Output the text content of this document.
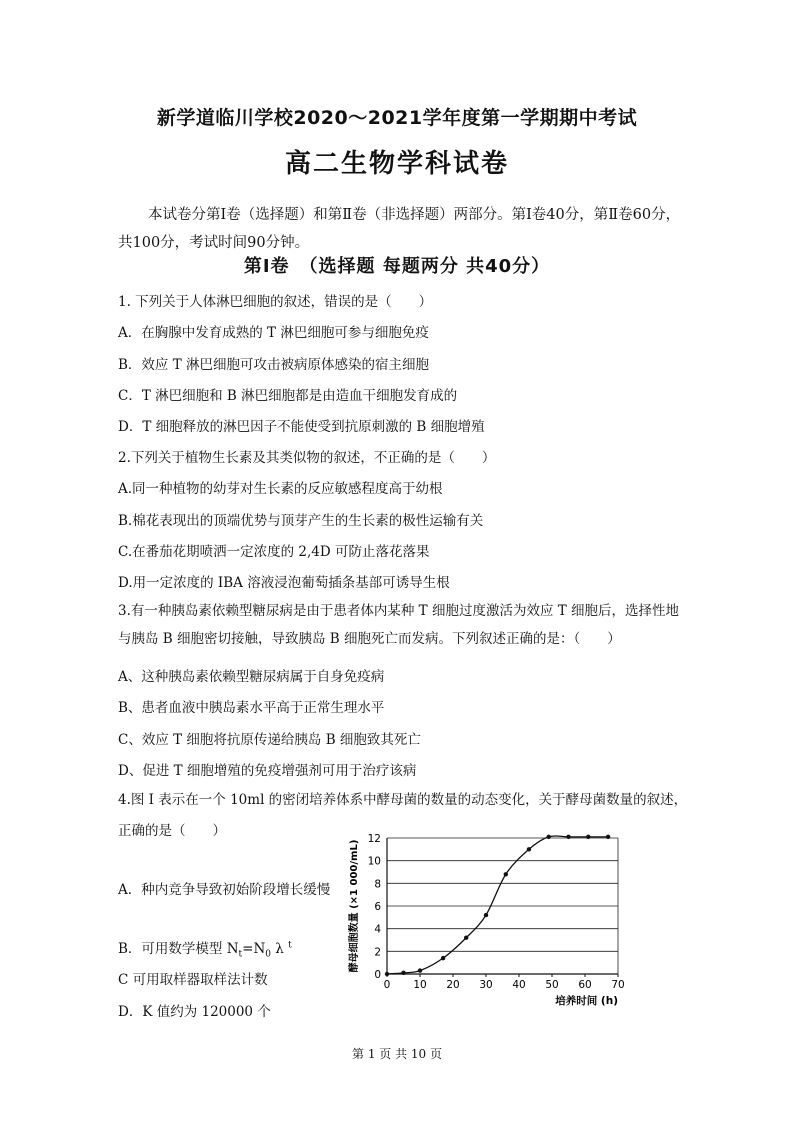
新学道临川学校2020～2021学年度第一学期期中考试
高二生物学科试卷
本试卷分第Ⅰ卷（选择题）和第Ⅱ卷（非选择题）两部分。第Ⅰ卷40分，第Ⅱ卷60分，共100分，考试时间90分钟。
第Ⅰ卷　（选择题 每题两分 共40分）
1. 下列关于人体淋巴细胞的叙述，错误的是（　　）
A．在胸腺中发育成熟的 T 淋巴细胞可参与细胞免疫
B．效应 T 淋巴细胞可攻击被病原体感染的宿主细胞
C．T 淋巴细胞和 B 淋巴细胞都是由造血干细胞发育成的
D．T 细胞释放的淋巴因子不能使受到抗原刺激的 B 细胞增殖
2.下列关于植物生长素及其类似物的叙述，不正确的是（　　）
A.同一种植物的幼芽对生长素的反应敏感程度高于幼根
B.棉花表现出的顶端优势与顶芽产生的生长素的极性运输有关
C.在番茄花期喷洒一定浓度的 2,4D 可防止落花落果
D.用一定浓度的 IBA 溶液浸泡葡萄插条基部可诱导生根
3.有一种胰岛素依赖型糖尿病是由于患者体内某种 T 细胞过度激活为效应 T 细胞后，选择性地与胰岛 B 细胞密切接触，导致胰岛 B 细胞死亡而发病。下列叙述正确的是：（　　）
A、这种胰岛素依赖型糖尿病属于自身免疫病
B、患者血液中胰岛素水平高于正常生理水平
C、效应 T 细胞将抗原传递给胰岛 B 细胞致其死亡
D、促进 T 细胞增殖的免疫增强剂可用于治疗该病
4.图 I 表示在一个 10ml 的密闭培养体系中酵母菌的数量的动态变化，关于酵母菌数量的叙述，正确的是（　　）
A．种内竞争导致初始阶段增长缓慢
B．可用数学模型 $N_t=N_0$ λ $^t$
C 可用取样器取样法计数
D．K 值约为 120000 个
0
2
4
6
8
10
12
0 10 20 30 40 50 60 70
培养时间 (h)
酵母细胞数量 (×1 000/mL)
第 1 页 共 10 页
